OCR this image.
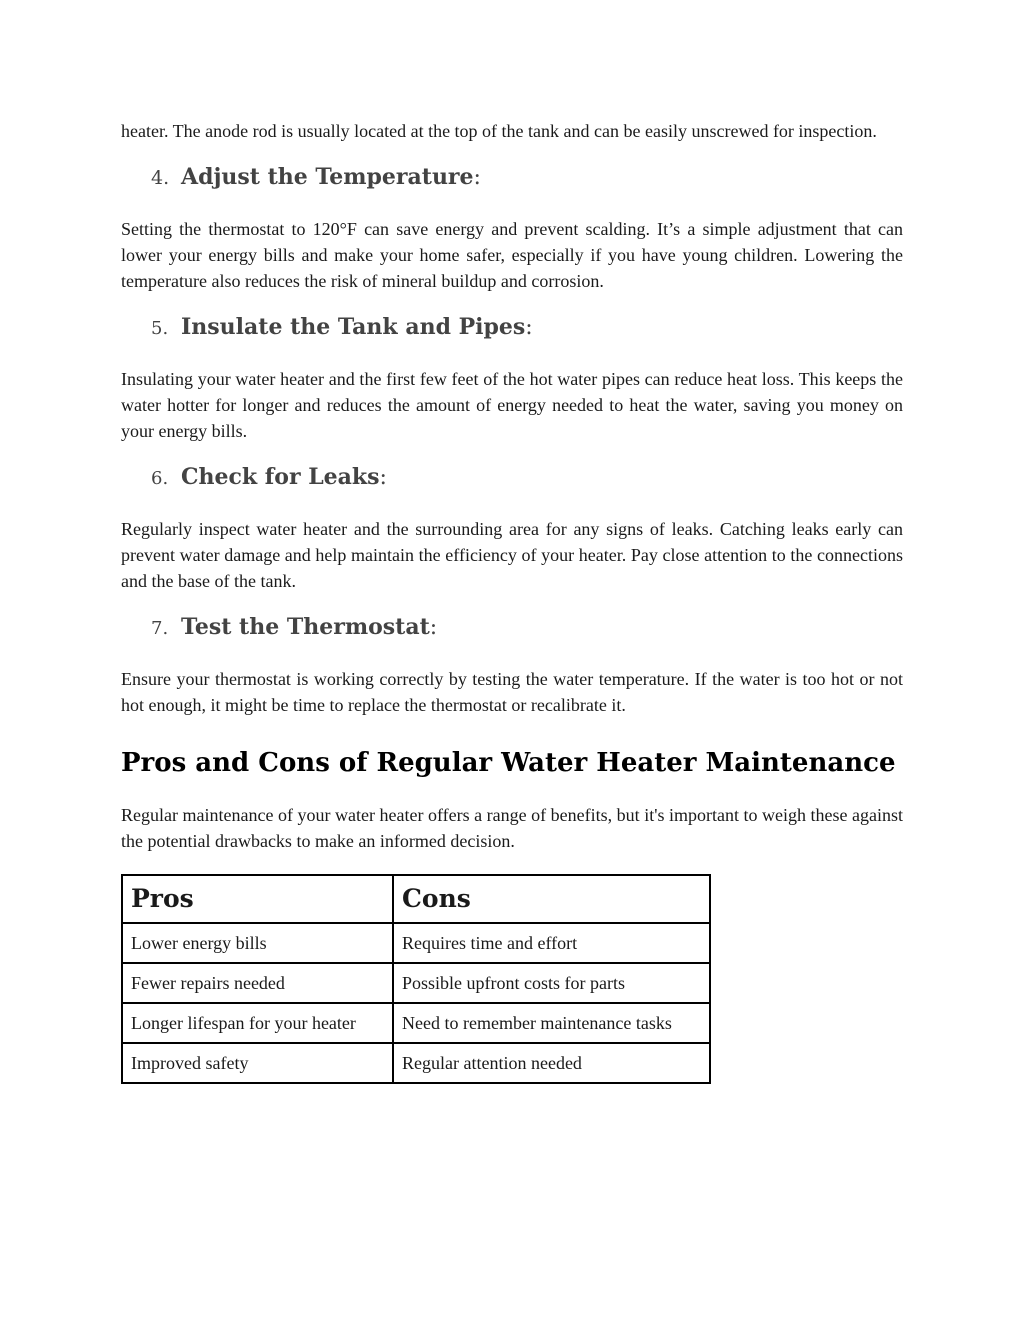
heater. The anode rod is usually located at the top of the tank and can be easily unscrewed for inspection.

4. Adjust the Temperature :

Setting the thermostat to 120°F can save energy and prevent scalding. It’s a simple adjustment that can lower your energy bills and make your home safer, especially if you have young children. Lowering the temperature also reduces the risk of mineral buildup and corrosion.

5. Insulate the Tank and Pipes :

Insulating your water heater and the first few feet of the hot water pipes can reduce heat loss. This keeps the water hotter for longer and reduces the amount of energy needed to heat the water, saving you money on your energy bills.

6. Check for Leaks :

Regularly inspect water heater and the surrounding area for any signs of leaks. Catching leaks early can prevent water damage and help maintain the efficiency of your heater. Pay close attention to the connections and the base of the tank.

7. Test the Thermostat :

Ensure your thermostat is working correctly by testing the water temperature. If the water is too hot or not hot enough, it might be time to replace the thermostat or recalibrate it.

Pros and Cons of Regular Water Heater Maintenance

Regular maintenance of your water heater offers a range of benefits, but it's important to weigh these against the potential drawbacks to make an informed decision.

Pros	Cons
Lower energy bills	Requires time and effort
Fewer repairs needed	Possible upfront costs for parts
Longer lifespan for your heater	Need to remember maintenance tasks
Improved safety	Regular attention needed
